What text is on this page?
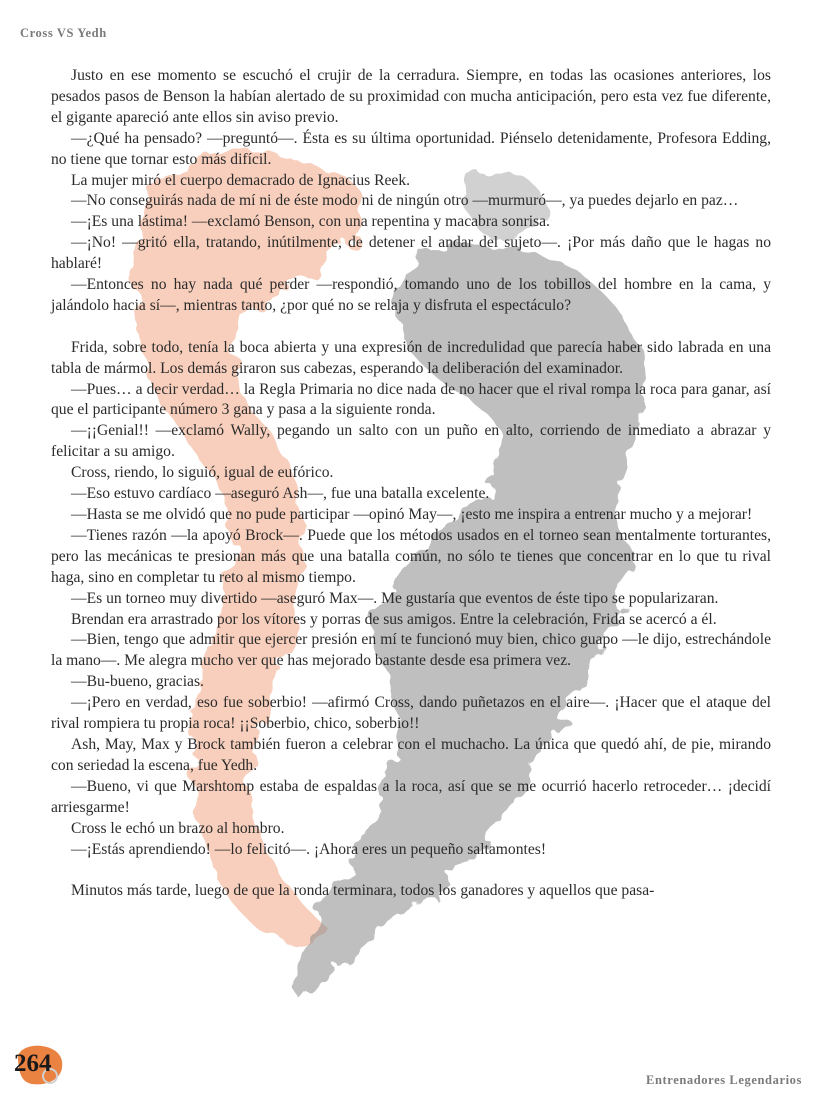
Cross VS Yedh

Justo en ese momento se escuchó el crujir de la cerradura. Siempre, en todas las ocasiones anteriores, los pesados pasos de Benson la habían alertado de su proximidad con mucha anticipación, pero esta vez fue diferente, el gigante apareció ante ellos sin aviso previo.

—¿Qué ha pensado? —preguntó—. Ésta es su última oportunidad. Piénselo detenidamente, Profesora Edding, no tiene que tornar esto más difícil.

La mujer miró el cuerpo demacrado de Ignacius Reek.

—No conseguirás nada de mí ni de éste modo ni de ningún otro —murmuró—, ya puedes dejarlo en paz…

—¡Es una lástima! —exclamó Benson, con una repentina y macabra sonrisa.

—¡No! —gritó ella, tratando, inútilmente, de detener el andar del sujeto—. ¡Por más daño que le hagas no hablaré!

—Entonces no hay nada qué perder —respondió, tomando uno de los tobillos del hombre en la cama, y jalándolo hacia sí—, mientras tanto, ¿por qué no se relaja y disfruta el espectáculo?

Frida, sobre todo, tenía la boca abierta y una expresión de incredulidad que parecía haber sido labrada en una tabla de mármol. Los demás giraron sus cabezas, esperando la deliberación del examinador.

—Pues… a decir verdad… la Regla Primaria no dice nada de no hacer que el rival rompa la roca para ganar, así que el participante número 3 gana y pasa a la siguiente ronda.

—¡¡Genial!! —exclamó Wally, pegando un salto con un puño en alto, corriendo de inmediato a abrazar y felicitar a su amigo.

Cross, riendo, lo siguió, igual de eufórico.

—Eso estuvo cardíaco —aseguró Ash—, fue una batalla excelente.

—Hasta se me olvidó que no pude participar —opinó May—, ¡esto me inspira a entrenar mucho y a mejorar!

—Tienes razón —la apoyó Brock—. Puede que los métodos usados en el torneo sean mentalmente torturantes, pero las mecánicas te presionan más que una batalla común, no sólo te tienes que concentrar en lo que tu rival haga, sino en completar tu reto al mismo tiempo.

—Es un torneo muy divertido —aseguró Max—. Me gustaría que eventos de éste tipo se popularizaran.

Brendan era arrastrado por los vítores y porras de sus amigos. Entre la celebración, Frida se acercó a él.

—Bien, tengo que admitir que ejercer presión en mí te funcionó muy bien, chico guapo —le dijo, estrechándole la mano—. Me alegra mucho ver que has mejorado bastante desde esa primera vez.

—Bu-bueno, gracias.

—¡Pero en verdad, eso fue soberbio! —afirmó Cross, dando puñetazos en el aire—. ¡Hacer que el ataque del rival rompiera tu propia roca! ¡¡Soberbio, chico, soberbio!!

Ash, May, Max y Brock también fueron a celebrar con el muchacho. La única que quedó ahí, de pie, mirando con seriedad la escena, fue Yedh.

—Bueno, vi que Marshtomp estaba de espaldas a la roca, así que se me ocurrió hacerlo retroceder… ¡decidí arriesgarme!

Cross le echó un brazo al hombro.

—¡Estás aprendiendo! —lo felicitó—. ¡Ahora eres un pequeño saltamontes!

Minutos más tarde, luego de que la ronda terminara, todos los ganadores y aquellos que pasa-

264
Entrenadores Legendarios
